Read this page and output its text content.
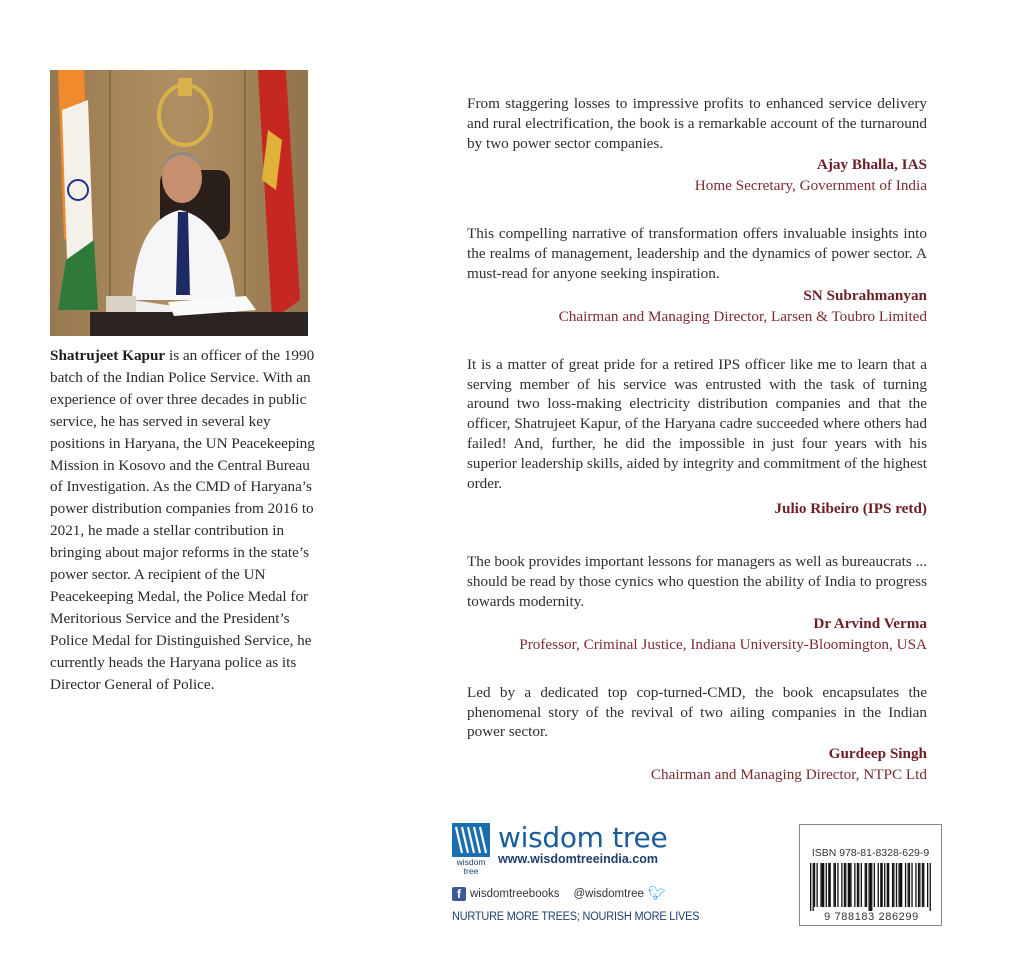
Shatrujeet Kapur is an officer of the 1990 batch of the Indian Police Service. With an experience of over three decades in public service, he has served in several key positions in Haryana, the UN Peacekeeping Mission in Kosovo and the Central Bureau of Investigation. As the CMD of Haryana’s power distribution companies from 2016 to 2021, he made a stellar contribution in bringing about major reforms in the state’s power sector. A recipient of the UN Peacekeeping Medal, the Police Medal for Meritorious Service and the President’s Police Medal for Distinguished Service, he currently heads the Haryana police as its Director General of Police.

From staggering losses to impressive profits to enhanced service delivery and rural electrification, the book is a remarkable account of the turnaround by two power sector companies.

Ajay Bhalla, IAS
Home Secretary, Government of India

This compelling narrative of transformation offers invaluable insights into the realms of management, leadership and the dynamics of power sector. A must-read for anyone seeking inspiration.

SN Subrahmanyan
Chairman and Managing Director, Larsen & Toubro Limited

It is a matter of great pride for a retired IPS officer like me to learn that a serving member of his service was entrusted with the task of turning around two loss-making electricity distribution companies and that the officer, Shatrujeet Kapur, of the Haryana cadre succeeded where others had failed! And, further, he did the impossible in just four years with his superior leadership skills, aided by integrity and commitment of the highest order.

Julio Ribeiro (IPS retd)

The book provides important lessons for managers as well as bureaucrats ... should be read by those cynics who question the ability of India to progress towards modernity.

Dr Arvind Verma
Professor, Criminal Justice, Indiana University-Bloomington, USA

Led by a dedicated top cop-turned-CMD, the book encapsulates the phenomenal story of the revival of two ailing companies in the Indian power sector.

Gurdeep Singh
Chairman and Managing Director, NTPC Ltd
wisdom
tree
wisdom tree
www.wisdomtreeindia.com
f wisdomtreebooks @wisdomtree 🐦︎
NURTURE MORE TREES; NOURISH MORE LIVES
ISBN 978-81-8328-629-9
9 788183 286299
